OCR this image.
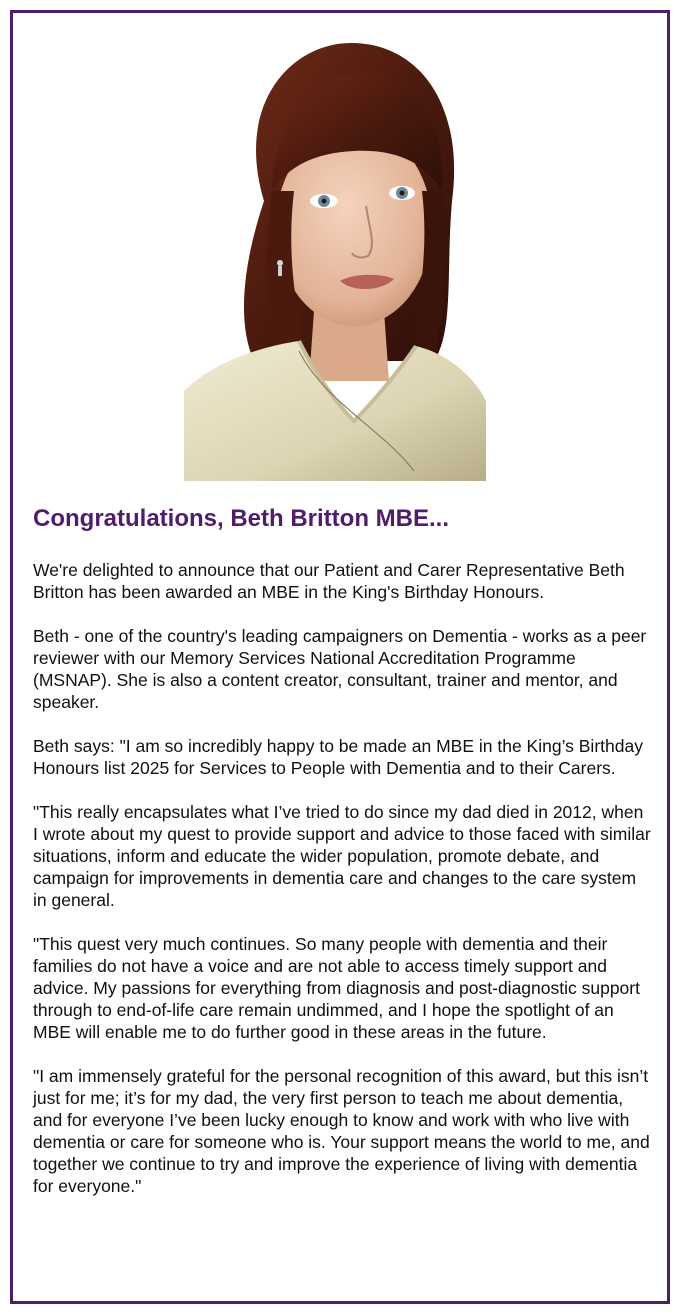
Congratulations, Beth Britton MBE...

We're delighted to announce that our Patient and Carer Representative Beth Britton has been awarded an MBE in the King's Birthday Honours.

Beth - one of the country's leading campaigners on Dementia - works as a peer reviewer with our Memory Services National Accreditation Programme (MSNAP). She is also a content creator, consultant, trainer and mentor, and speaker.

Beth says: "I am so incredibly happy to be made an MBE in the King’s Birthday Honours list 2025 for Services to People with Dementia and to their Carers.

"This really encapsulates what I’ve tried to do since my dad died in 2012, when I wrote about my quest to provide support and advice to those faced with similar situations, inform and educate the wider population, promote debate, and campaign for improvements in dementia care and changes to the care system in general.

"This quest very much continues. So many people with dementia and their families do not have a voice and are not able to access timely support and advice. My passions for everything from diagnosis and post-diagnostic support through to end-of-life care remain undimmed, and I hope the spotlight of an MBE will enable me to do further good in these areas in the future.

"I am immensely grateful for the personal recognition of this award, but this isn’t just for me; it’s for my dad, the very first person to teach me about dementia, and for everyone I’ve been lucky enough to know and work with who live with dementia or care for someone who is. Your support means the world to me, and together we continue to try and improve the experience of living with dementia for everyone."
